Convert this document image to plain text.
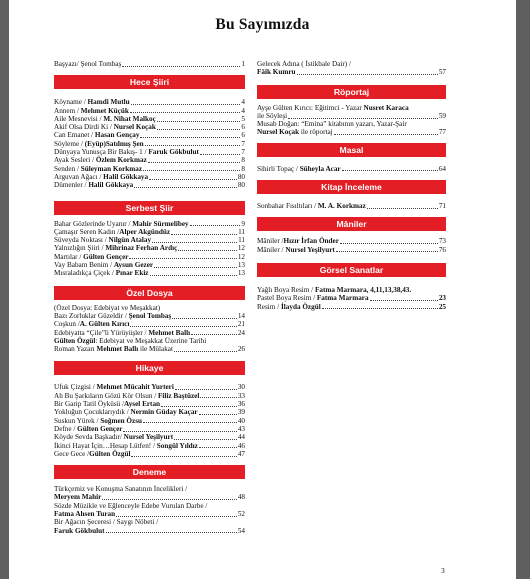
Bu Sayımızda
Başyazı/ Şenol Tombaş	1
Hece Şiiri
Köyname / Hamdi Mutlu	4
Annem / Mehmet Küçük	4
Aile Mesnevisi / M. Nihat Malkoç	5
Akif Olsa Dirdi Ki / Nursel Koçak	6
Can Emanet / Hasan Gençay	6
Söyleme / (Eyüp)Satılmış Şen	7
Dünyaya Yunusça Bir Bakış- 1 / Faruk Gökbulut	7
Ayak Sesleri / Özlem Korkmaz	8
Senden / Süleyman Korkmaz	8
Arguvan Ağacı / Halil Gökkaya	80
Dümenler / Halil Gökkaya	80
Serbest Şiir
Bahar Gözlerinde Uyanır / Mahir Sürmelibey	9
Çamaşır Seren Kadın /Alper Akgündüz	11
Süveyda Noktası / Nilgün Atalay	11
Yalnızlığın Şiiri / Mihrinaz Ferhan Ardıç	12
Martılar / Gülten Gençer	12
Vay Babam Benim / Aysun Gezer	13
Mısraladıkça Çiçek / Pınar Ekiz	13
Özel Dosya
(Özel Dosya: Edebiyat ve Meşakkat)
Bazı Zorluklar Güzeldir / Şenol Tombaş	14
Coşkun /A. Gülten Kırıcı	21
Edebiyatta “Çile”li Yürüyüşler / Mehmet Ballı	24
Gülten Özgül: Edebiyat ve Meşakkat Üzerine Tarihi
Roman Yazarı Mehmet Ballı ile Mülakat	26
Hikaye
Ufuk Çizgisi / Mehmet Mücahit Yurteri	30
Ah Bu Şarkıların Gözü Kör Olsun / Filiz Baştüzel	33
Bir Garip Tatil Öyküsü /Aysel Ertan	36
Yokluğun Çocuklarıydık / Nermin Güday Kaçar	39
Suskun Yürek / Soğmen Özsu	40
Defne / Gülten Gençer	43
Köyde Sevda Başkadır/ Nursel Yeşilyurt	44
İkinci Hayat İçin…Hesap Lütfen! / Songül Yıldız	46
Gece Gece /Gülten Özgül	47
Deneme
Türkçemiz ve Konuşma Sanatının İncelikleri /
Meryem Mahir	48
Sözde Müzikle ve Eğlenceyle Edebe Vurulan Darbe /
Fatma Ahsen Turan	52
Bir Ağacın Şeceresi / Saygı Nöbeti /
Faruk Gökbulut	54
Gelecek Adına ( İstikbale Dair) /
Fâik Kumru	57
Röportaj
Ayşe Gülten Kırıcı: Eğitimci - Yazar Nusret Karaca
ile Söyleşi	59
Musab Doğan: “Emina” kitabının yazarı, Yazar-Şair
Nursel Koçak ile röportaj	77
Masal
Sihirli Topaç / Süheyla Acar	64
Kitap İnceleme
Sonbahar Fısıltıları / M. A. Korkmaz	71
Mâniler
Mâniler /Hızır İrfan Önder	73
Mâniler / Nursel Yeşilyurt	76
Görsel Sanatlar
Yağlı Boya Resim / Fatma Marmara, 4,11,13,38,43.
Pastel Boya Resim / Fatma Marmara	23
Resim / İlayda Özgül	25
3
